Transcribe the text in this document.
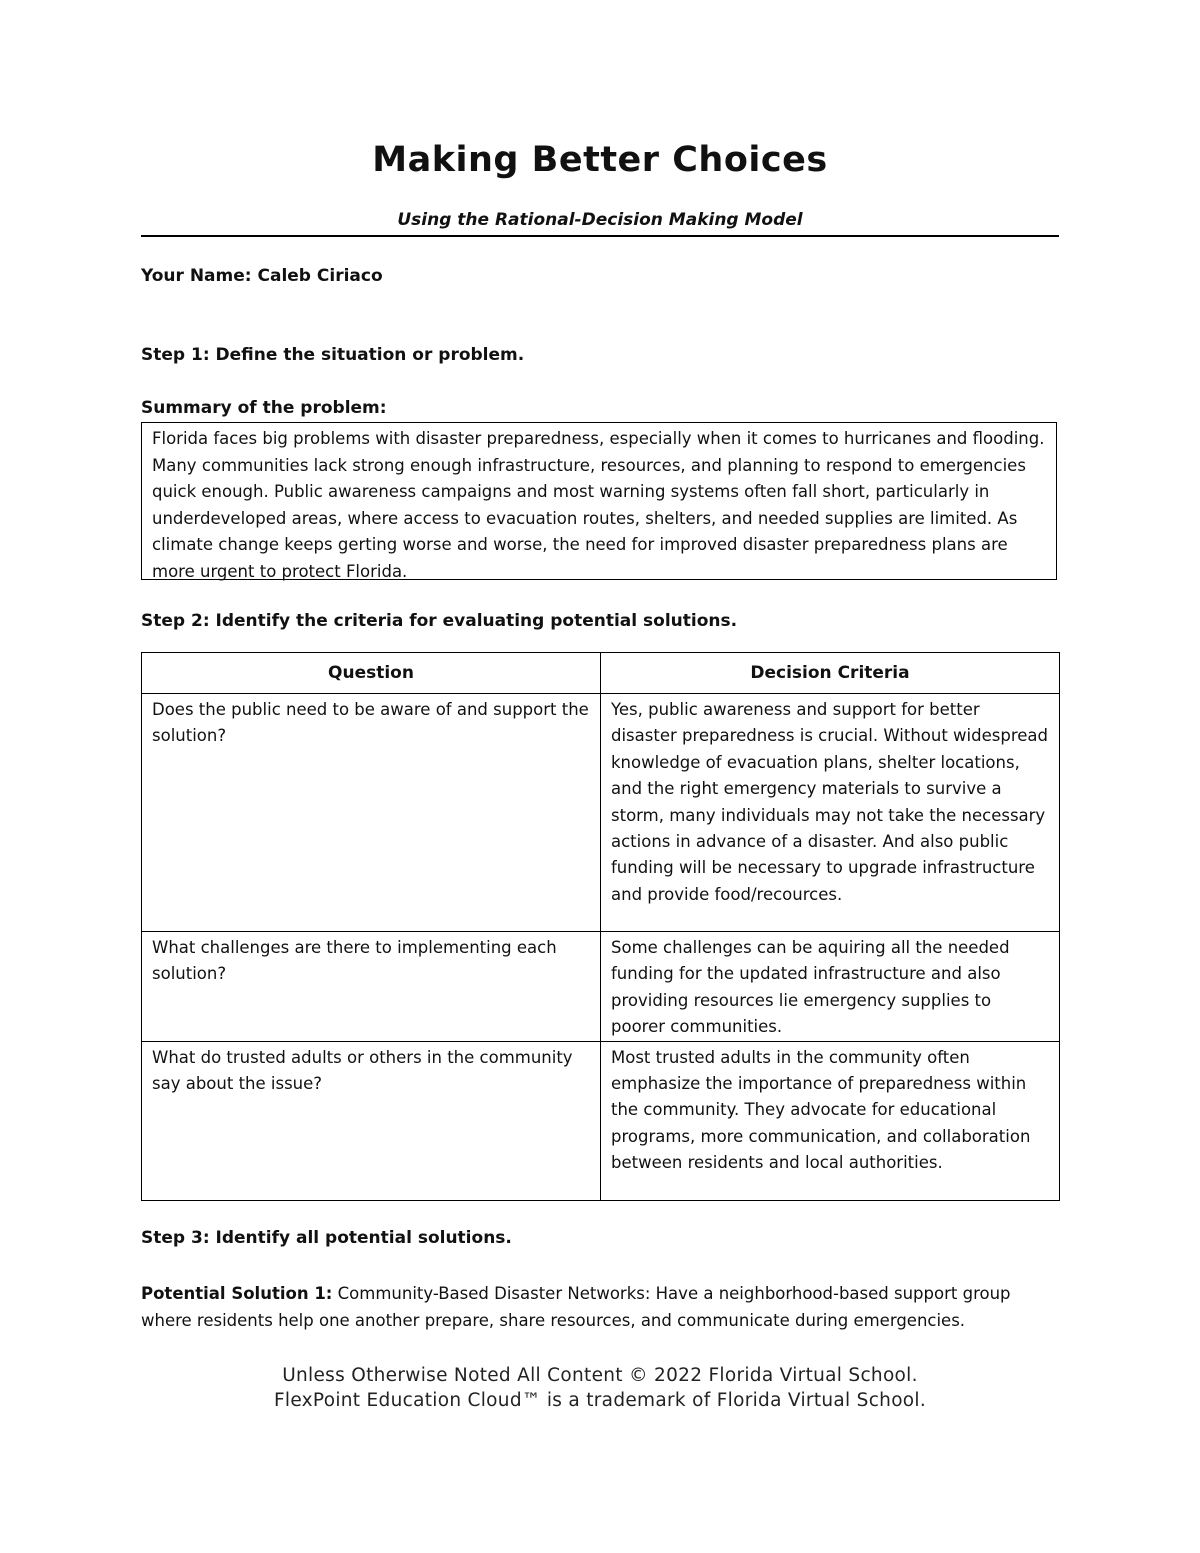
Making Better Choices
Using the Rational-Decision Making Model
Your Name: Caleb Ciriaco
Step 1: Define the situation or problem.
Summary of the problem:
Florida faces big problems with disaster preparedness, especially when it comes to hurricanes and flooding. Many communities lack strong enough infrastructure, resources, and planning to respond to emergencies quick enough. Public awareness campaigns and most warning systems often fall short, particularly in underdeveloped areas, where access to evacuation routes, shelters, and needed supplies are limited. As climate change keeps gerting worse and worse, the need for improved disaster preparedness plans are more urgent to protect Florida.
Step 2: Identify the criteria for evaluating potential solutions.
Question	Decision Criteria
Does the public need to be aware of and support the solution?	Yes, public awareness and support for better disaster preparedness is crucial. Without widespread knowledge of evacuation plans, shelter locations, and the right emergency materials to survive a storm, many individuals may not take the necessary actions in advance of a disaster. And also public funding will be necessary to upgrade infrastructure and provide food/recources.
What challenges are there to implementing each solution?	Some challenges can be aquiring all the needed funding for the updated infrastructure and also providing resources lie emergency supplies to poorer communities.
What do trusted adults or others in the community say about the issue?	Most trusted adults in the community often emphasize the importance of preparedness within the community. They advocate for educational programs, more communication, and collaboration between residents and local authorities.
Step 3: Identify all potential solutions.
Potential Solution 1: Community-Based Disaster Networks: Have a neighborhood-based support group where residents help one another prepare, share resources, and communicate during emergencies.
Unless Otherwise Noted All Content © 2022 Florida Virtual School.
FlexPoint Education Cloud™ is a trademark of Florida Virtual School.
